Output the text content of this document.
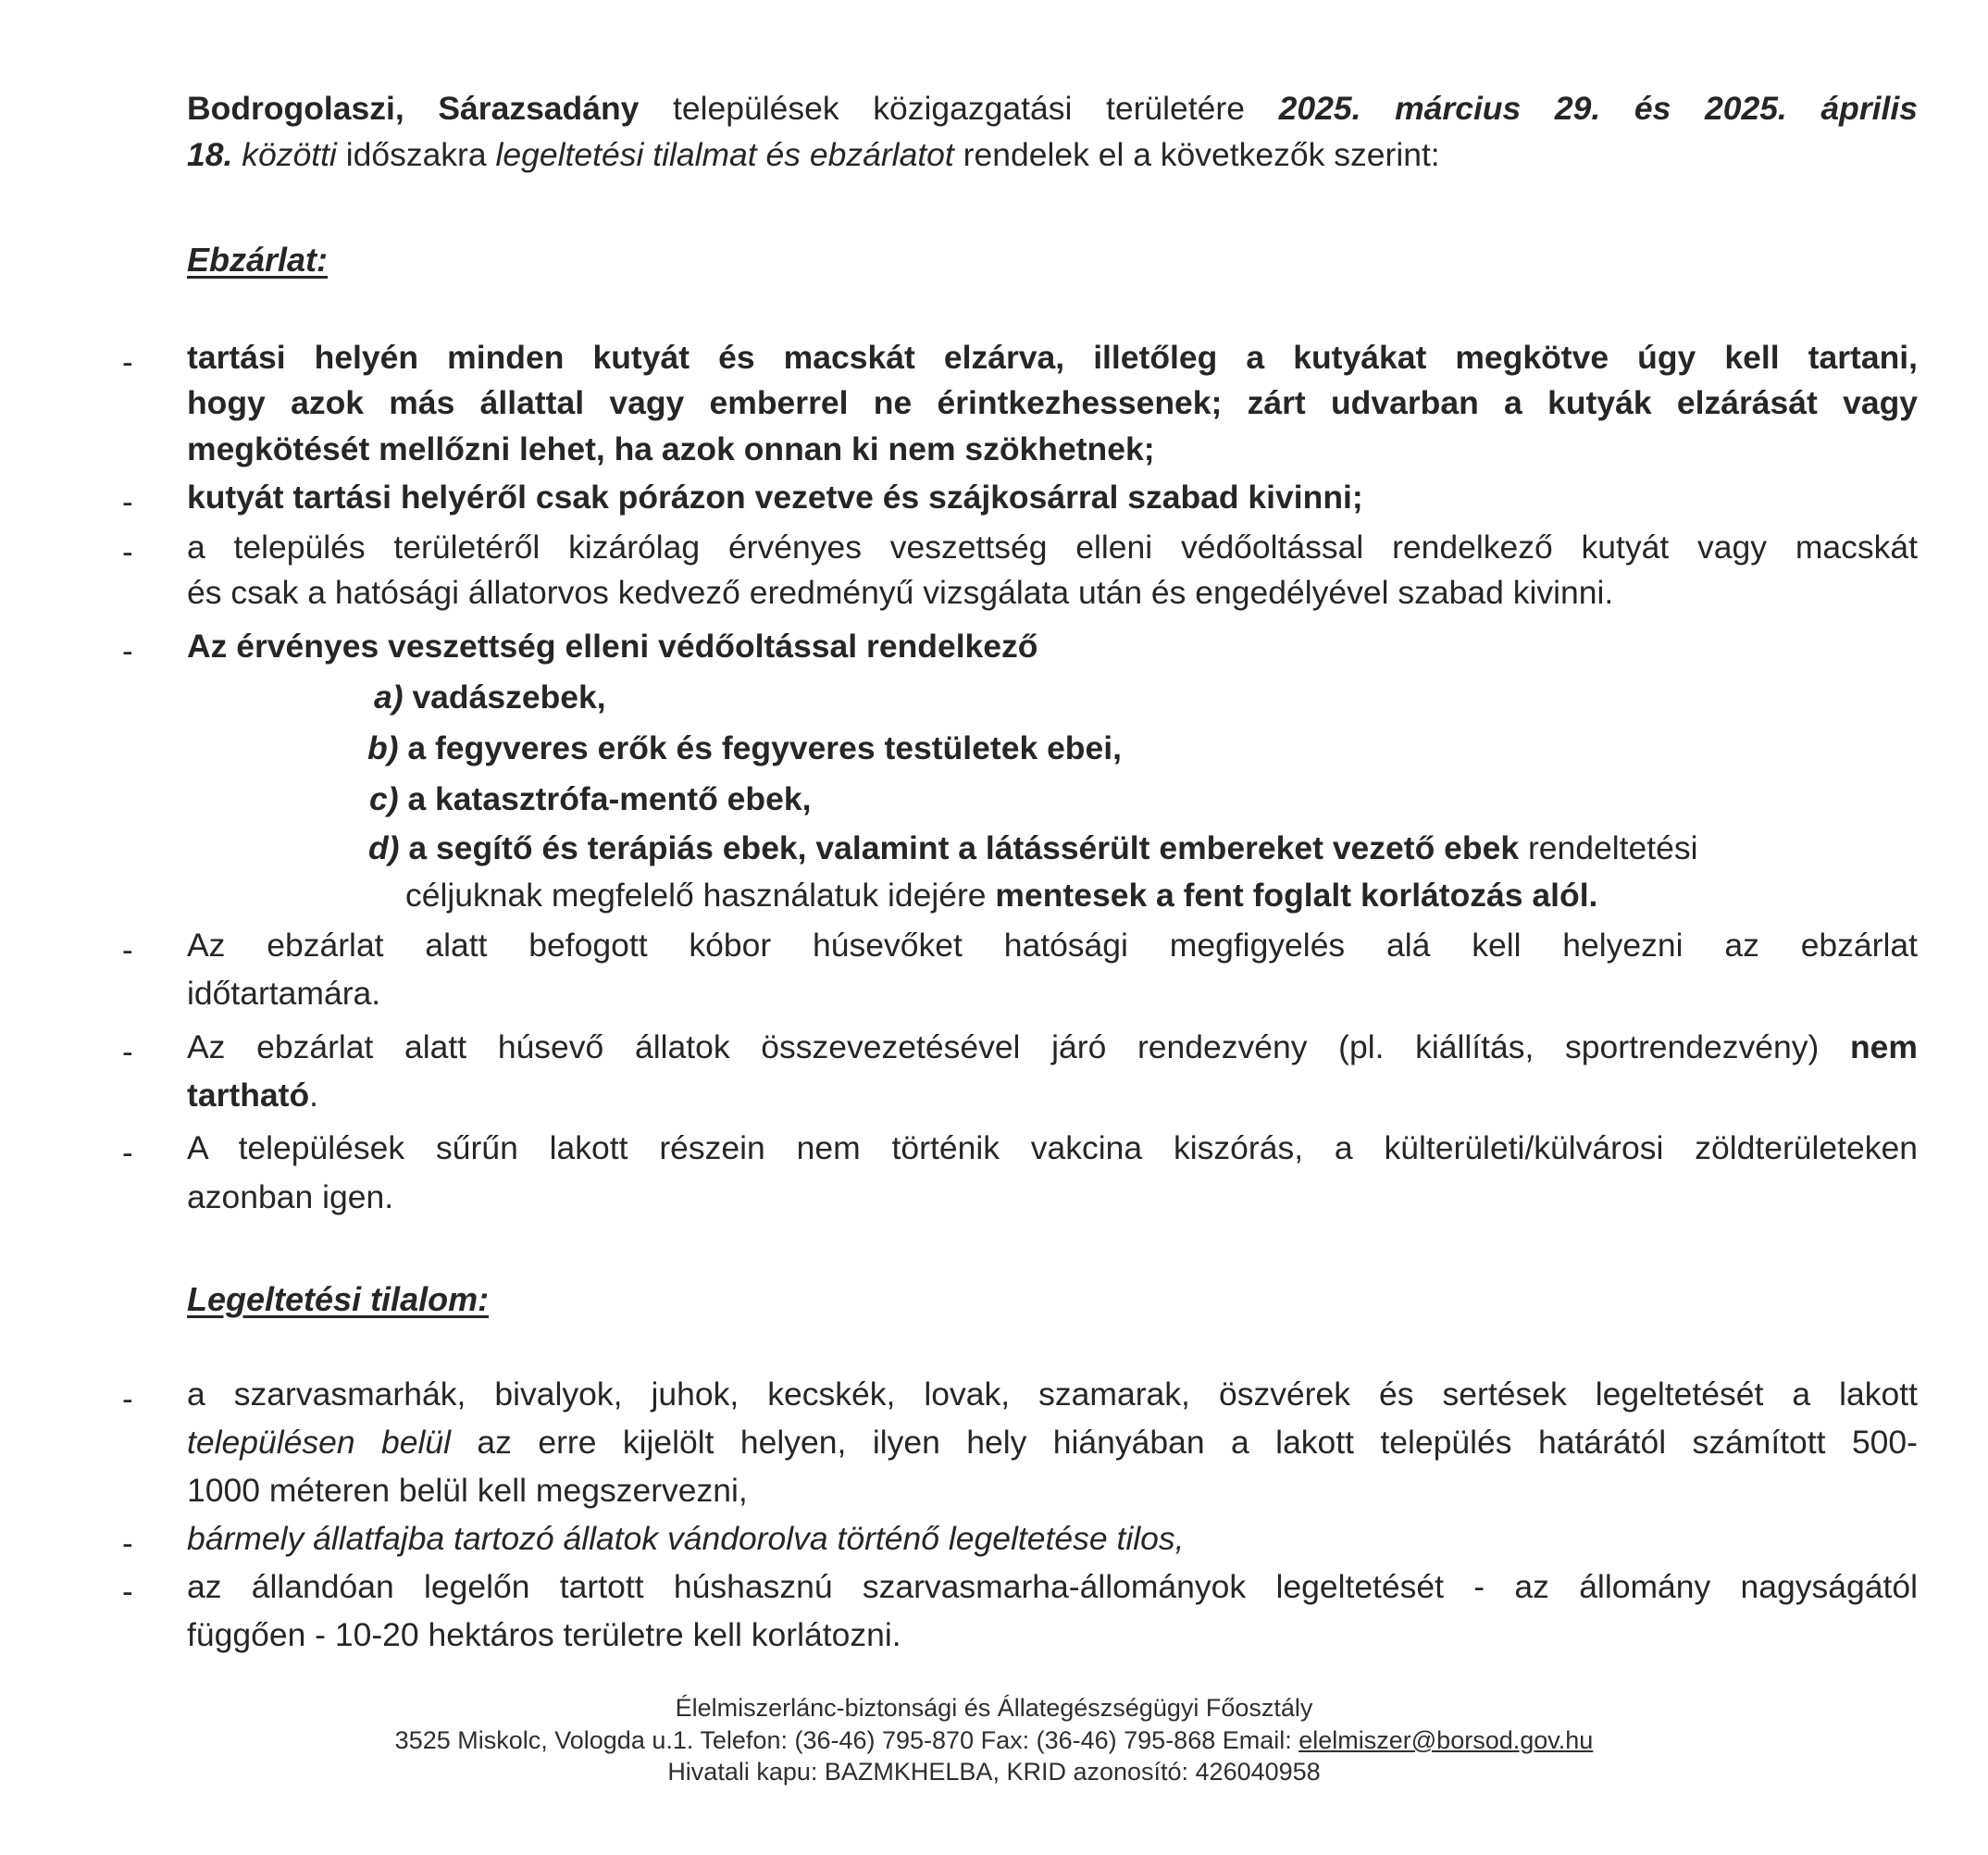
Bodrogolaszi, Sárazsadány települések közigazgatási területére 2025. március 29. és 2025. április
18. közötti időszakra legeltetési tilalmat és ebzárlatot rendelek el a következők szerint:
Ebzárlat:
- tartási helyén minden kutyát és macskát elzárva, illetőleg a kutyákat megkötve úgy kell tartani,
hogy azok más állattal vagy emberrel ne érintkezhessenek; zárt udvarban a kutyák elzárását vagy
megkötését mellőzni lehet, ha azok onnan ki nem szökhetnek;
- kutyát tartási helyéről csak pórázon vezetve és szájkosárral szabad kivinni;
- a település területéről kizárólag érvényes veszettség elleni védőoltással rendelkező kutyát vagy macskát
és csak a hatósági állatorvos kedvező eredményű vizsgálata után és engedélyével szabad kivinni.
- Az érvényes veszettség elleni védőoltással rendelkező
a) vadászebek,
b) a fegyveres erők és fegyveres testületek ebei,
c) a katasztrófa-mentő ebek,
d) a segítő és terápiás ebek, valamint a látássérült embereket vezető ebek rendeltetési
céljuknak megfelelő használatuk idejére mentesek a fent foglalt korlátozás alól.
- Az ebzárlat alatt befogott kóbor húsevőket hatósági megfigyelés alá kell helyezni az ebzárlat
időtartamára.
- Az ebzárlat alatt húsevő állatok összevezetésével járó rendezvény (pl. kiállítás, sportrendezvény) nem
tartható.
- A települések sűrűn lakott részein nem történik vakcina kiszórás, a külterületi/külvárosi zöldterületeken
azonban igen.
Legeltetési tilalom:
- a szarvasmarhák, bivalyok, juhok, kecskék, lovak, szamarak, öszvérek és sertések legeltetését a lakott
településen belül az erre kijelölt helyen, ilyen hely hiányában a lakott település határától számított 500-
1000 méteren belül kell megszervezni,
- bármely állatfajba tartozó állatok vándorolva történő legeltetése tilos,
- az állandóan legelőn tartott húshasznú szarvasmarha-állományok legeltetését - az állomány nagyságától
függően - 10-20 hektáros területre kell korlátozni.
Élelmiszerlánc-biztonsági és Állategészségügyi Főosztály
3525 Miskolc, Vologda u.1. Telefon: (36-46) 795-870 Fax: (36-46) 795-868 Email: elelmiszer@borsod.gov.hu
Hivatali kapu: BAZMKHELBA, KRID azonosító: 426040958
